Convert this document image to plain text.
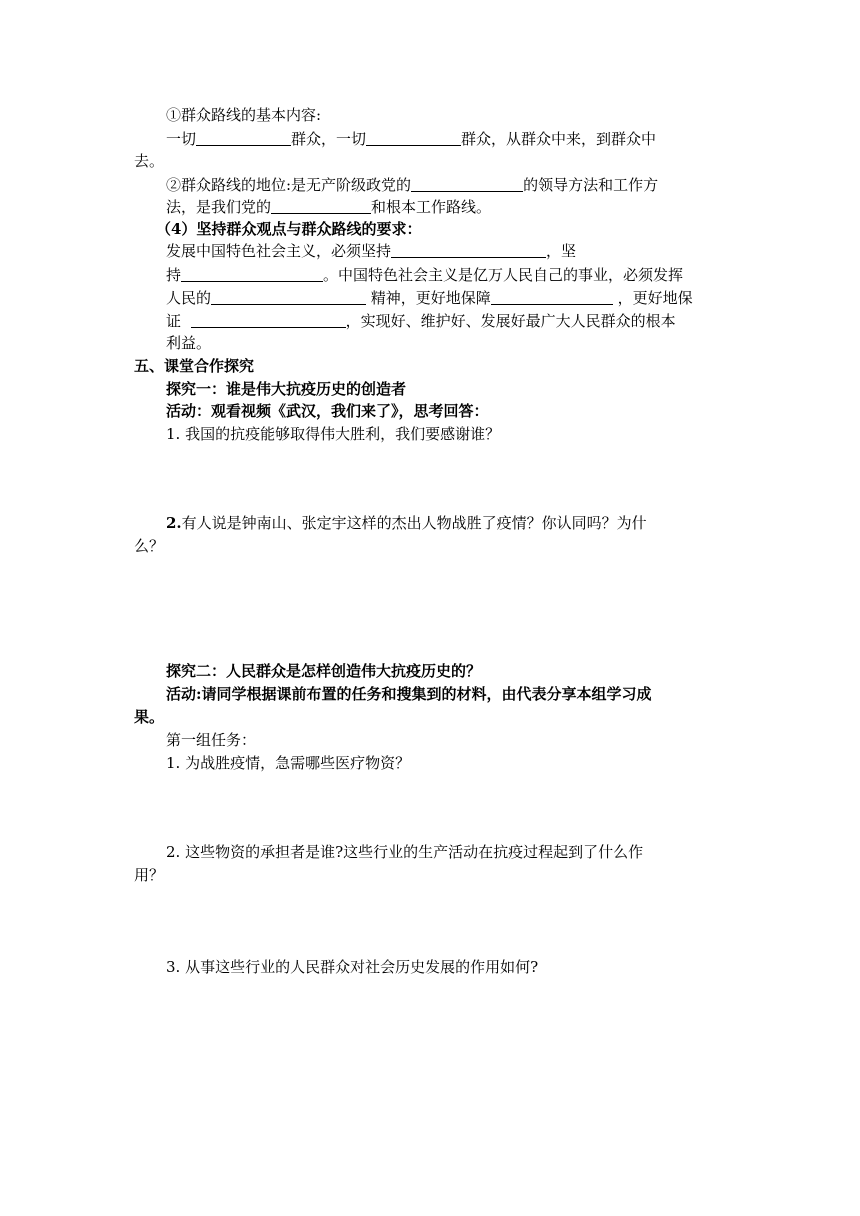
①群众路线的基本内容:
一切	群众，一切	群众，从群众中来，到群众中
去。
②群众路线的地位:是无产阶级政党的	的领导方法和工作方
法，是我们党的	和根本工作路线。
（4）坚持群众观点与群众路线的要求：
发展中国特色社会主义，必须坚持	，坚
持	。中国特色社会主义是亿万人民自己的事业，必须发挥
人民的	精神，更好地保障	，更好地保
证	，实现好、维护好、发展好最广大人民群众的根本
利益。
五、课堂合作探究
探究一：谁是伟大抗疫历史的创造者
活动：观看视频《武汉，我们来了》，思考回答：
1. 我国的抗疫能够取得伟大胜利，我们要感谢谁？
2.有人说是钟南山、张定宇这样的杰出人物战胜了疫情？你认同吗？为什
么？
探究二：人民群众是怎样创造伟大抗疫历史的？
活动:请同学根据课前布置的任务和搜集到的材料，由代表分享本组学习成
果。
第一组任务：
1. 为战胜疫情，急需哪些医疗物资？
2. 这些物资的承担者是谁?这些行业的生产活动在抗疫过程起到了什么作
用？
3. 从事这些行业的人民群众对社会历史发展的作用如何?
